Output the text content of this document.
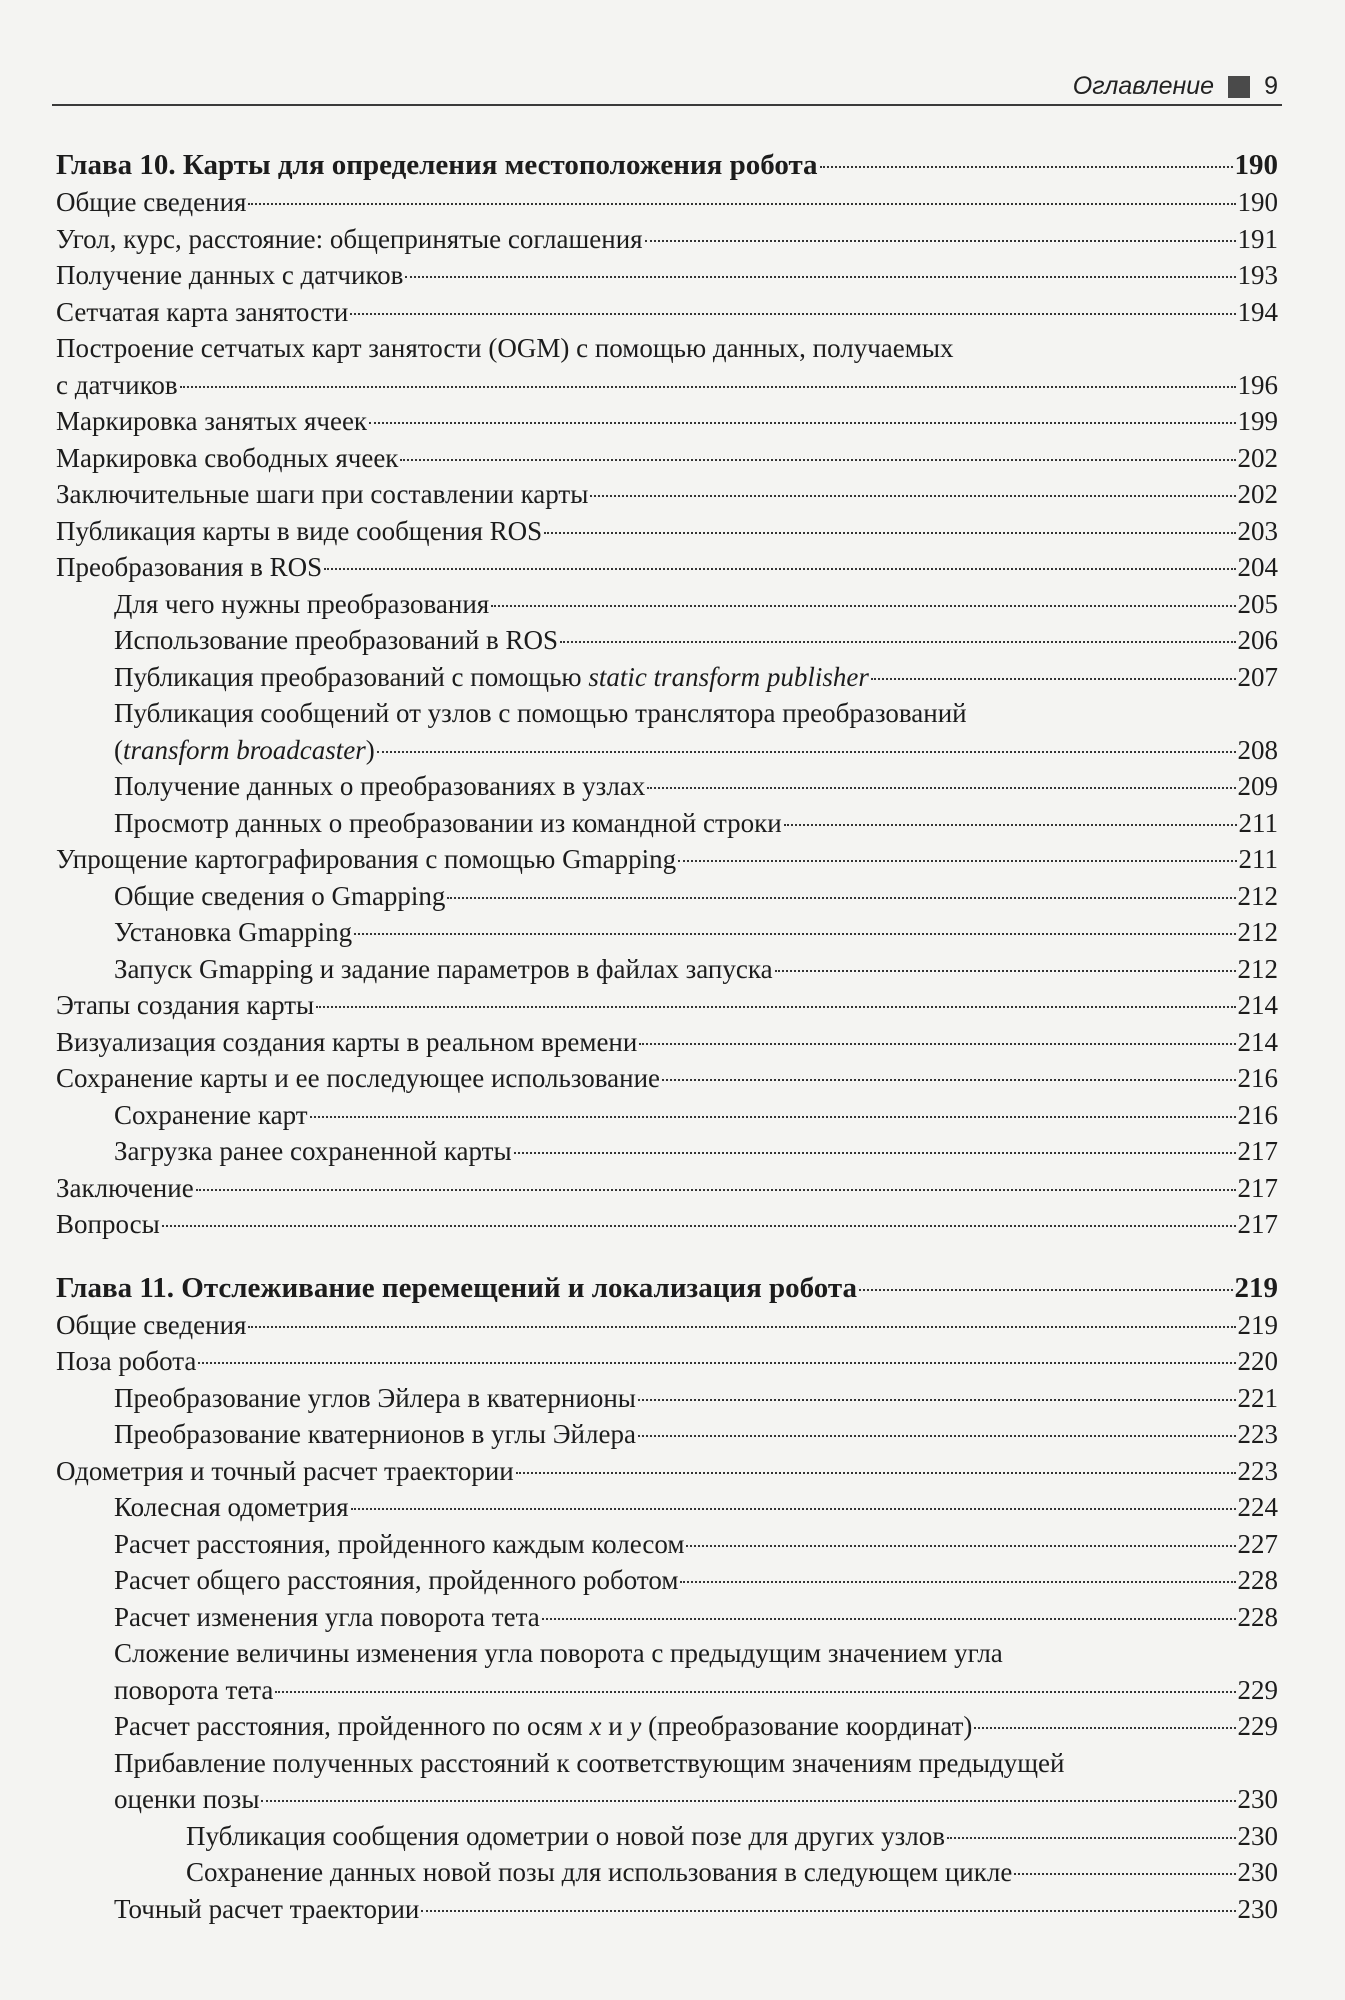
Оглавление 9
Глава 10. Карты для определения местоположения робота	190
Общие сведения	190
Угол, курс, расстояние: общепринятые соглашения	191
Получение данных с датчиков	193
Сетчатая карта занятости	194
Построение сетчатых карт занятости (OGM) с помощью данных, получаемых
с датчиков	196
Маркировка занятых ячеек	199
Маркировка свободных ячеек	202
Заключительные шаги при составлении карты	202
Публикация карты в виде сообщения ROS	203
Преобразования в ROS	204
Для чего нужны преобразования	205
Использование преобразований в ROS	206
Публикация преобразований с помощью static transform publisher	207
Публикация сообщений от узлов с помощью транслятора преобразований
(transform broadcaster)	208
Получение данных о преобразованиях в узлах	209
Просмотр данных о преобразовании из командной строки	211
Упрощение картографирования с помощью Gmapping	211
Общие сведения о Gmapping	212
Установка Gmapping	212
Запуск Gmapping и задание параметров в файлах запуска	212
Этапы создания карты	214
Визуализация создания карты в реальном времени	214
Сохранение карты и ее последующее использование	216
Сохранение карт	216
Загрузка ранее сохраненной карты	217
Заключение	217
Вопросы	217
Глава 11. Отслеживание перемещений и локализация робота	219
Общие сведения	219
Поза робота	220
Преобразование углов Эйлера в кватернионы	221
Преобразование кватернионов в углы Эйлера	223
Одометрия и точный расчет траектории	223
Колесная одометрия	224
Расчет расстояния, пройденного каждым колесом	227
Расчет общего расстояния, пройденного роботом	228
Расчет изменения угла поворота тета	228
Сложение величины изменения угла поворота с предыдущим значением угла
поворота тета	229
Расчет расстояния, пройденного по осям x и y (преобразование координат)	229
Прибавление полученных расстояний к соответствующим значениям предыдущей
оценки позы	230
Публикация сообщения одометрии о новой позе для других узлов	230
Сохранение данных новой позы для использования в следующем цикле	230
Точный расчет траектории	230
